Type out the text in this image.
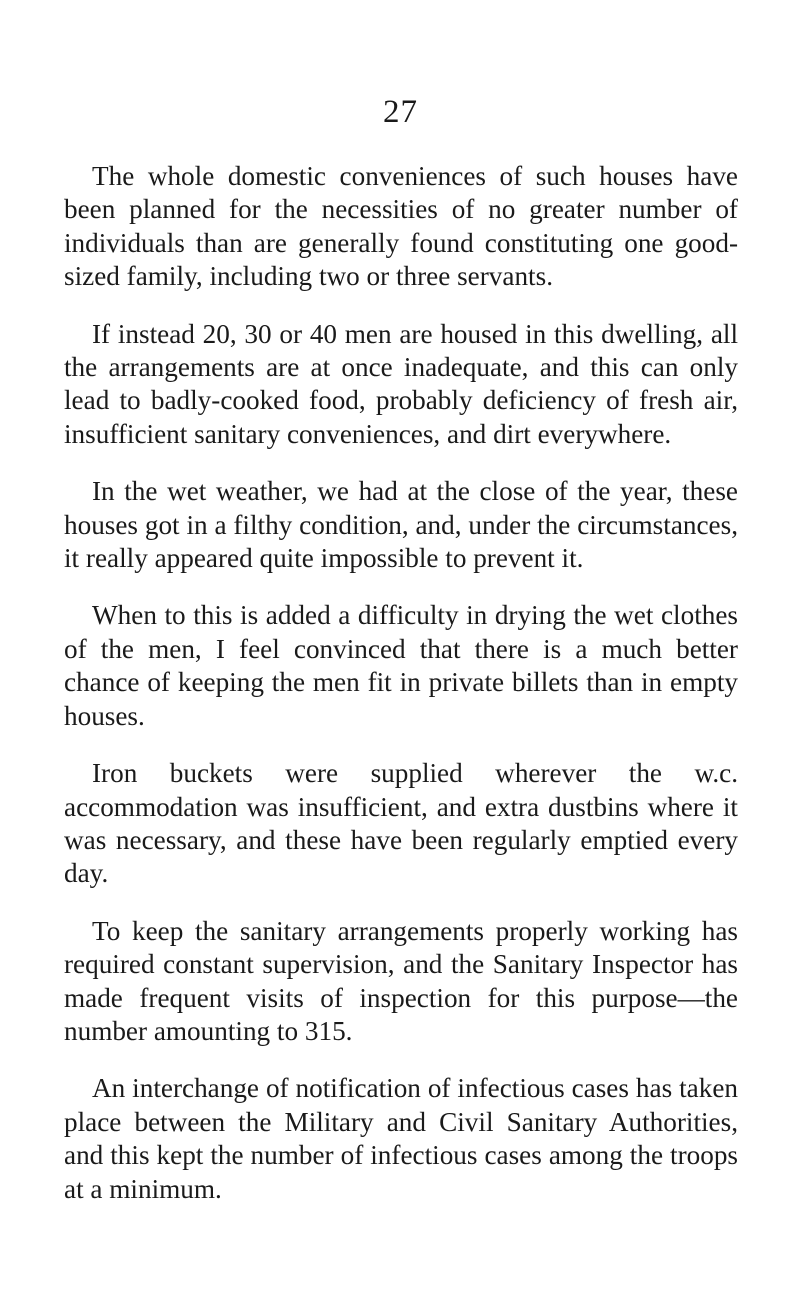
27

The whole domestic conveniences of such houses have been planned for the necessities of no greater number of individuals than are generally found constituting one good-sized family, including two or three servants.

If instead 20, 30 or 40 men are housed in this dwelling, all the arrangements are at once inadequate, and this can only lead to badly-cooked food, probably deficiency of fresh air, insufficient sanitary conveniences, and dirt everywhere.

In the wet weather, we had at the close of the year, these houses got in a filthy condition, and, under the circumstances, it really appeared quite impossible to prevent it.

When to this is added a difficulty in drying the wet clothes of the men, I feel convinced that there is a much better chance of keeping the men fit in private billets than in empty houses.

Iron buckets were supplied wherever the w.c. accommodation was insufficient, and extra dustbins where it was necessary, and these have been regularly emptied every day.

To keep the sanitary arrangements properly working has required constant supervision, and the Sanitary Inspector has made frequent visits of inspection for this purpose—the number amounting to 315.

An interchange of notification of infectious cases has taken place between the Military and Civil Sanitary Authorities, and this kept the number of infectious cases among the troops at a minimum.
